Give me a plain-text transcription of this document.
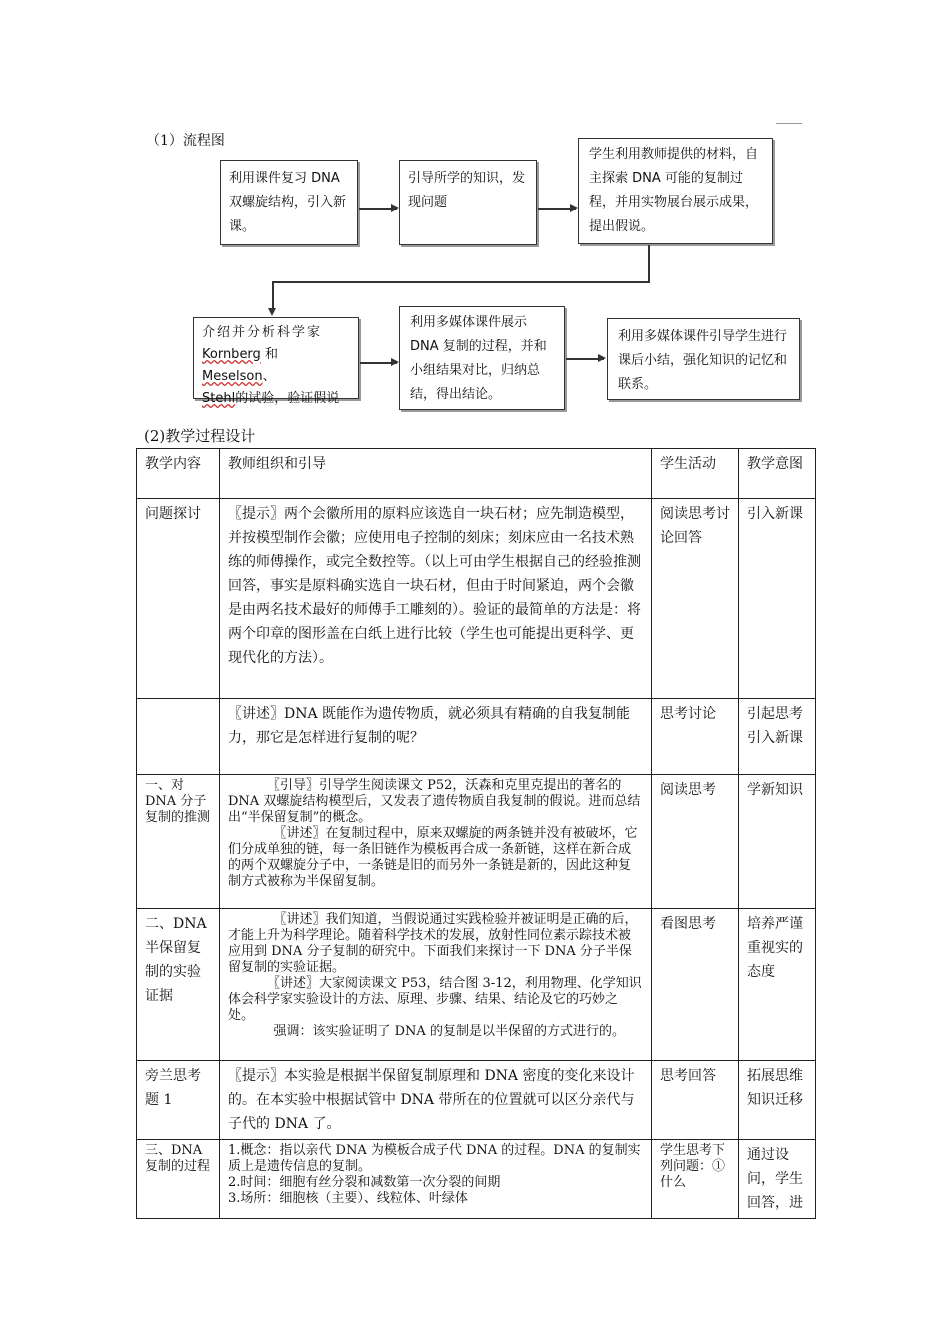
（1）流程图
利用课件复习 DNA 双螺旋结构，引入新课。
引导所学的知识，发现问题
学生利用教师提供的材料，自主探索 DNA 可能的复制过程，并用实物展台展示成果，提出假说。
介绍并分析科学家
Kornberg 和 Meselson、
Stehl的试验，验证假说
利用多媒体课件展示 DNA 复制的过程，并和小组结果对比，归纳总结，得出结论。
利用多媒体课件引导学生进行课后小结，强化知识的记忆和联系。
(2)教学过程设计
教学内容	教师组织和引导	学生活动	教学意图
问题探讨	〖提示〗两个会徽所用的原料应该选自一块石材；应先制造模型，并按模型制作会徽；应使用电子控制的刻床；刻床应由一名技术熟练的师傅操作，或完全数控等。（以上可由学生根据自己的经验推测回答，事实是原料确实选自一块石材，但由于时间紧迫，两个会徽是由两名技术最好的师傅手工雕刻的）。验证的最简单的方法是：将两个印章的图形盖在白纸上进行比较（学生也可能提出更科学、更现代化的方法）。	阅读思考讨论回答	引入新课
	〖讲述〗DNA 既能作为遗传物质，就必须具有精确的自我复制能力，那它是怎样进行复制的呢？	思考讨论	引起思考引入新课
一、对 DNA 分子复制的推测	〖引导〗引导学生阅读课文 P52，沃森和克里克提出的著名的 DNA 双螺旋结构模型后，又发表了遗传物质自我复制的假说。进而总结出“半保留复制”的概念。
〖讲述〗在复制过程中，原来双螺旋的两条链并没有被破坏，它们分成单独的链，每一条旧链作为模板再合成一条新链，这样在新合成的两个双螺旋分子中，一条链是旧的而另外一条链是新的，因此这种复制方式被称为半保留复制。	阅读思考	学新知识
二、DNA 半保留复制的实验证据	〖讲述〗我们知道，当假说通过实践检验并被证明是正确的后，才能上升为科学理论。随着科学技术的发展，放射性同位素示踪技术被应用到 DNA 分子复制的研究中。下面我们来探讨一下 DNA 分子半保留复制的实验证据。
〖讲述〗大家阅读课文 P53，结合图 3-12，利用物理、化学知识体会科学家实验设计的方法、原理、步骤、结果、结论及它的巧妙之处。
强调：该实验证明了 DNA 的复制是以半保留的方式进行的。	看图思考	培养严谨重视实的态度
旁兰思考题 1	〖提示〗本实验是根据半保留复制原理和 DNA 密度的变化来设计的。在本实验中根据试管中 DNA 带所在的位置就可以区分亲代与子代的 DNA 了。	思考回答	拓展思维知识迁移
三、DNA 复制的过程	1.概念：指以亲代 DNA 为模板合成子代 DNA 的过程。DNA 的复制实质上是遗传信息的复制。
2.时间：细胞有丝分裂和减数第一次分裂的间期
3.场所：细胞核（主要）、线粒体、叶绿体	学生思考下列问题：①什么	通过设问，学生回答，进
